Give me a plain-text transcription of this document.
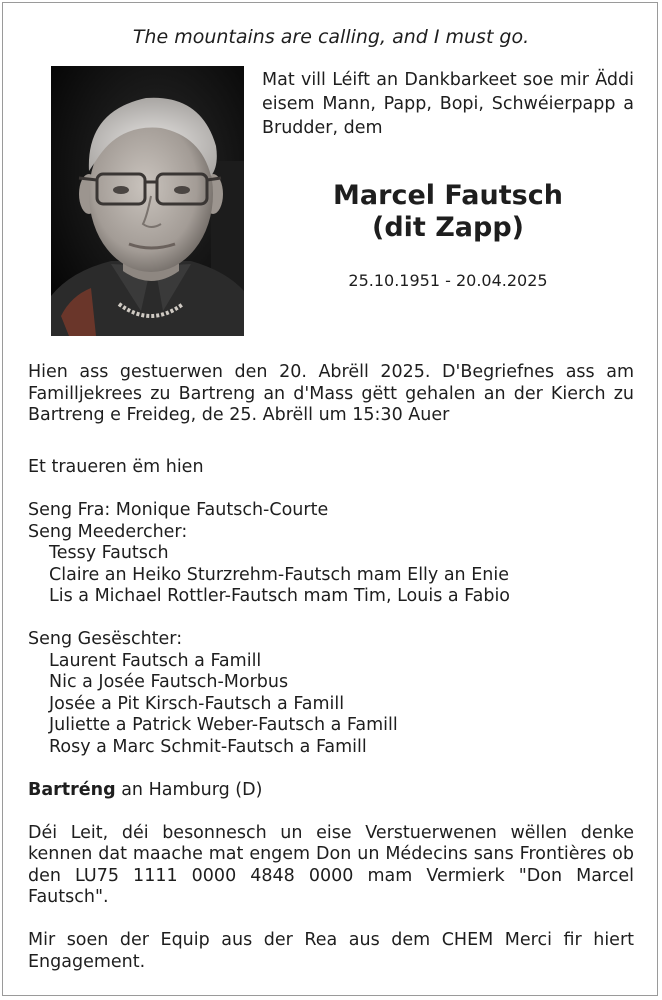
The mountains are calling, and I must go.
Mat vill Léift an Dankbarkeet soe mir Äddi eisem Mann, Papp, Bopi, Schwéierpapp a Brudder, dem
Marcel Fautsch
(dit Zapp)
25.10.1951 - 20.04.2025
Hien ass gestuerwen den 20. Abrëll 2025. D'Begriefnes ass am Familljekrees zu Bartreng an d'Mass gëtt gehalen an der Kierch zu Bartreng e Freideg, de 25. Abrëll um 15:30 Auer
Et traueren ëm hien
Seng Fra: Monique Fautsch-Courte
Seng Meedercher:
Tessy Fautsch
Claire an Heiko Sturzrehm-Fautsch mam Elly an Enie
Lis a Michael Rottler-Fautsch mam Tim, Louis a Fabio
Seng Gesëschter:
Laurent Fautsch a Famill
Nic a Josée Fautsch-Morbus
Josée a Pit Kirsch-Fautsch a Famill
Juliette a Patrick Weber-Fautsch a Famill
Rosy a Marc Schmit-Fautsch a Famill
Bartréng an Hamburg (D)
Déi Leit, déi besonnesch un eise Verstuerwenen wëllen denke kennen dat maache mat engem Don un Médecins sans Frontières ob den LU75 1111 0000 4848 0000 mam Vermierk "Don Marcel Fautsch".
Mir soen der Equip aus der Rea aus dem CHEM Merci fir hiert Engagement.
